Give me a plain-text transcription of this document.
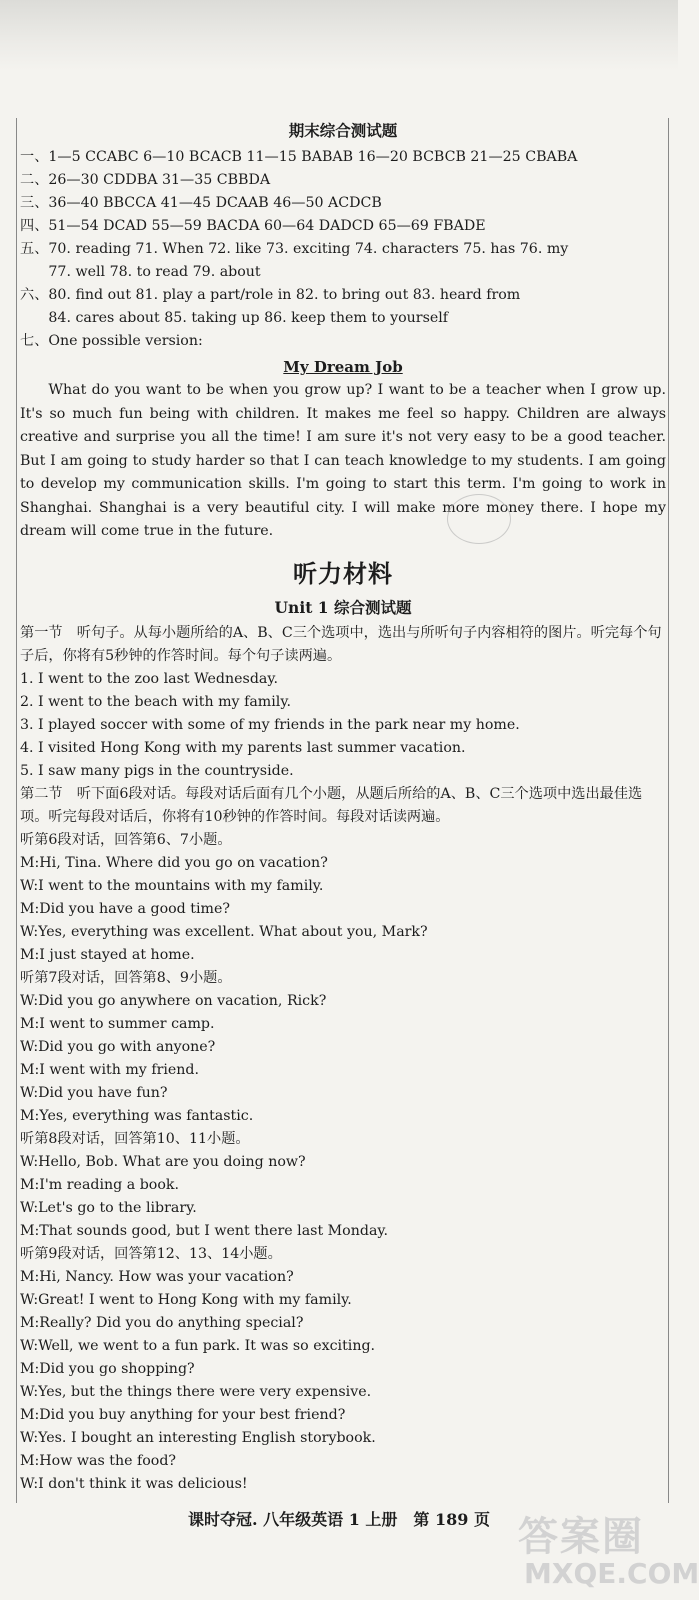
期末综合测试题
一、1—5 CCABC 6—10 BCACB 11—15 BABAB 16—20 BCBCB 21—25 CBABA
二、26—30 CDDBA 31—35 CBBDA
三、36—40 BBCCA 41—45 DCAAB 46—50 ACDCB
四、51—54 DCAD 55—59 BACDA 60—64 DADCD 65—69 FBADE
五、70. reading 71. When 72. like 73. exciting 74. characters 75. has 76. my
77. well 78. to read 79. about
六、80. find out 81. play a part/role in 82. to bring out 83. heard from
84. cares about 85. taking up 86. keep them to yourself
七、One possible version:
My Dream Job
What do you want to be when you grow up? I want to be a teacher when I grow up. It's so much fun being with children. It makes me feel so happy. Children are always creative and surprise you all the time! I am sure it's not very easy to be a good teacher. But I am going to study harder so that I can teach knowledge to my students. I am going to develop my communication skills. I'm going to start this term. I'm going to work in Shanghai. Shanghai is a very beautiful city. I will make more money there. I hope my dream will come true in the future.
听力材料
Unit 1 综合测试题
第一节　听句子。从每小题所给的A、B、C三个选项中，选出与所听句子内容相符的图片。听完每个句子后，你将有5秒钟的作答时间。每个句子读两遍。
1. I went to the zoo last Wednesday.
2. I went to the beach with my family.
3. I played soccer with some of my friends in the park near my home.
4. I visited Hong Kong with my parents last summer vacation.
5. I saw many pigs in the countryside.
第二节　听下面6段对话。每段对话后面有几个小题，从题后所给的A、B、C三个选项中选出最佳选项。听完每段对话后，你将有10秒钟的作答时间。每段对话读两遍。
听第6段对话，回答第6、7小题。
M:Hi, Tina. Where did you go on vacation?
W:I went to the mountains with my family.
M:Did you have a good time?
W:Yes, everything was excellent. What about you, Mark?
M:I just stayed at home.
听第7段对话，回答第8、9小题。
W:Did you go anywhere on vacation, Rick?
M:I went to summer camp.
W:Did you go with anyone?
M:I went with my friend.
W:Did you have fun?
M:Yes, everything was fantastic.
听第8段对话，回答第10、11小题。
W:Hello, Bob. What are you doing now?
M:I'm reading a book.
W:Let's go to the library.
M:That sounds good, but I went there last Monday.
听第9段对话，回答第12、13、14小题。
M:Hi, Nancy. How was your vacation?
W:Great! I went to Hong Kong with my family.
M:Really? Did you do anything special?
W:Well, we went to a fun park. It was so exciting.
M:Did you go shopping?
W:Yes, but the things there were very expensive.
M:Did you buy anything for your best friend?
W:Yes. I bought an interesting English storybook.
M:How was the food?
W:I don't think it was delicious!
课时夺冠. 八年级英语 1 上册　第 189 页 答案圈
MXQE.COM
